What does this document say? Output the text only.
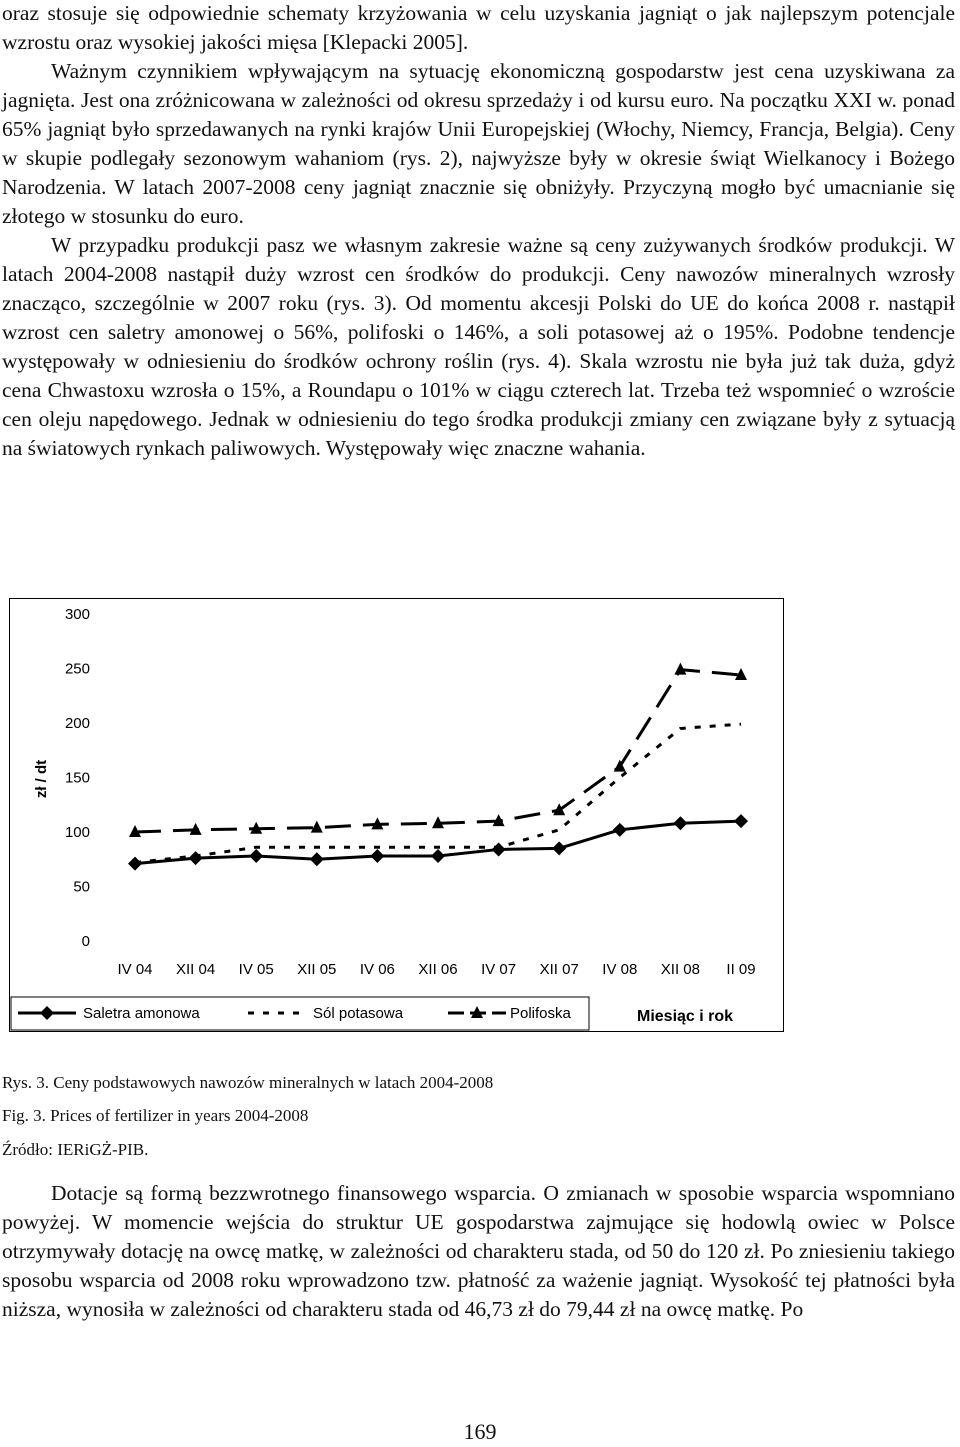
oraz stosuje się odpowiednie schematy krzyżowania w celu uzyskania jagniąt o jak najlepszym potencjale wzrostu oraz wysokiej jakości mięsa [Klepacki 2005].
Ważnym czynnikiem wpływającym na sytuację ekonomiczną gospodarstw jest cena uzyskiwana za jagnięta. Jest ona zróżnicowana w zależności od okresu sprzedaży i od kursu euro. Na początku XXI w. ponad 65% jagniąt było sprzedawanych na rynki krajów Unii Europejskiej (Włochy, Niemcy, Francja, Belgia). Ceny w skupie podlegały sezonowym wahaniom (rys. 2), najwyższe były w okresie świąt Wielkanocy i Bożego Narodzenia. W latach 2007-2008 ceny jagniąt znacznie się obniżyły. Przyczyną mogło być umacnianie się złotego w stosunku do euro.
W przypadku produkcji pasz we własnym zakresie ważne są ceny zużywanych środków produkcji. W latach 2004-2008 nastąpił duży wzrost cen środków do produkcji. Ceny nawozów mineralnych wzrosły znacząco, szczególnie w 2007 roku (rys. 3). Od momentu akcesji Polski do UE do końca 2008 r. nastąpił wzrost cen saletry amonowej o 56%, polifoski o 146%, a soli potasowej aż o 195%. Podobne tendencje występowały w odniesieniu do środków ochrony roślin (rys. 4). Skala wzrostu nie była już tak duża, gdyż cena Chwastoxu wzrosła o 15%, a Roundapu o 101% w ciągu czterech lat. Trzeba też wspomnieć o wzroście cen oleju napędowego. Jednak w odniesieniu do tego środka produkcji zmiany cen związane były z sytuacją na światowych rynkach paliwowych. Występowały więc znaczne wahania.
300
250
200
150
100
50
0
IV 04 XII 04 IV 05 XII 05 IV 06 XII 06 IV 07 XII 07 IV 08 XII 08 II 09
zł / dt
Saletra amonowa	Sól potasowa	Polifoska	Miesiąc i rok

Rys. 3. Ceny podstawowych nawozów mineralnych w latach 2004-2008

Fig. 3. Prices of fertilizer in years 2004-2008

Źródło: IERiGŻ-PIB.

Dotacje są formą bezzwrotnego finansowego wsparcia. O zmianach w sposobie wsparcia wspomniano powyżej. W momencie wejścia do struktur UE gospodarstwa zajmujące się hodowlą owiec w Polsce otrzymywały dotację na owcę matkę, w zależności od charakteru stada, od 50 do 120 zł. Po zniesieniu takiego sposobu wsparcia od 2008 roku wprowadzono tzw. płatność za ważenie jagniąt. Wysokość tej płatności była niższa, wynosiła w zależności od charakteru stada od 46,73 zł do 79,44 zł na owcę matkę. Po
169
